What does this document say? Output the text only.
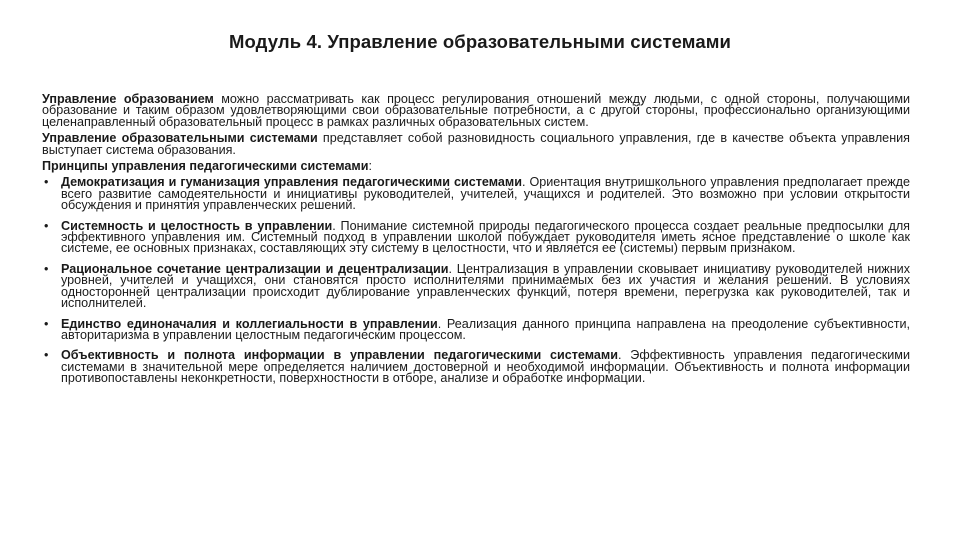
Модуль 4. Управление образовательными системами

Управление образованием можно рассматривать как процесс регулирования отношений между людьми, с одной стороны, получающими образование и таким образом удовлетворяющими свои образовательные потребности, а с другой стороны, профессионально организующими целенаправленный образовательный процесс в рамках различных образовательных систем.

Управление образовательными системами представляет собой разновидность социального управления, где в качестве объекта управления выступает система образования.

Принципы управления педагогическими системами:

• Демократизация и гуманизация управления педагогическими системами. Ориентация внутришкольного управления предполагает прежде всего развитие самодеятельности и инициативы руководителей, учителей, учащихся и родителей. Это возможно при условии открытости обсуждения и принятия управленческих решений.
• Системность и целостность в управлении. Понимание системной природы педагогического процесса создает реальные предпосылки для эффективного управления им. Системный подход в управлении школой побуждает руководителя иметь ясное представление о школе как системе, ее основных признаках, составляющих эту систему в целостности, что и является ее (системы) первым признаком.
• Рациональное сочетание централизации и децентрализации. Централизация в управлении сковывает инициативу руководителей нижних уровней, учителей и учащихся, они становятся просто исполнителями принимаемых без их участия и желания решений. В условиях односторонней централизации происходит дублирование управленческих функций, потеря времени, перегрузка как руководителей, так и исполнителей.
• Единство единоначалия и коллегиальности в управлении. Реализация данного принципа направлена на преодоление субъективности, авторитаризма в управлении целостным педагогическим процессом.
• Объективность и полнота информации в управлении педагогическими системами. Эффективность управления педагогическими системами в значительной мере определяется наличием достоверной и необходимой информации. Объективность и полнота информации противопоставлены неконкретности, поверхностности в отборе, анализе и обработке информации.
